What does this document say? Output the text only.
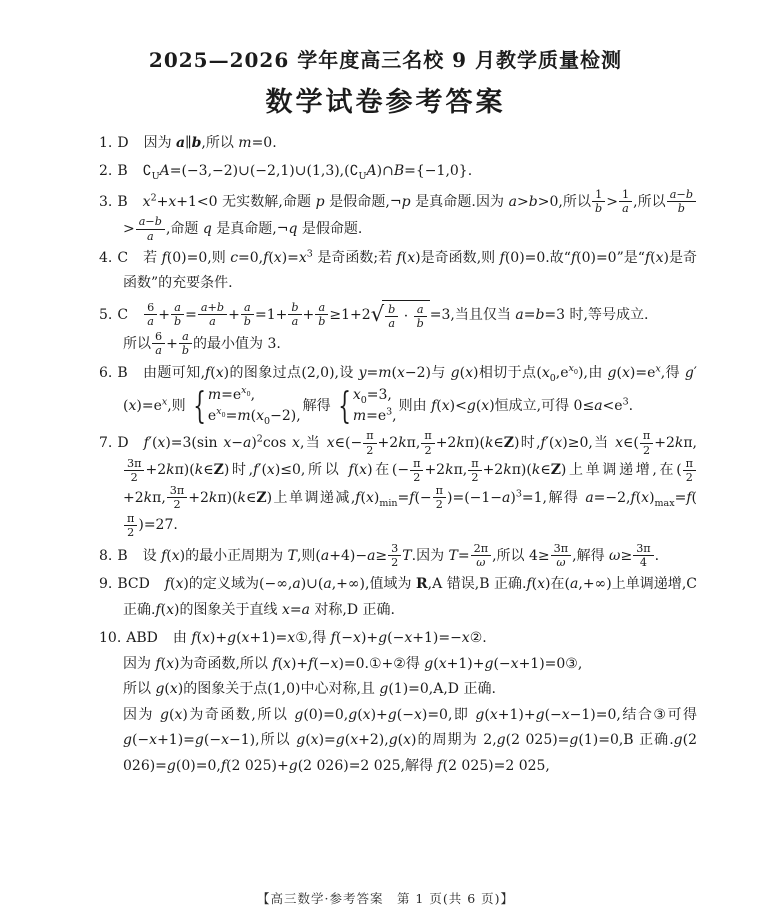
2025—2026 学年度高三名校 9 月教学质量检测
数学试卷参考答案
1. D 因为 a∥b,所以 m=0.
2. B $∁_UA=(-3,-2)\cup(-2,1)\cup(1,3),(∁_UA)\cap B=\{-1,0\}$.
3. B $x^2+x+1<0$ 无实数解,命题 p 是假命题,¬p 是真命题.因为 a>b>0,所以 $\frac{1}{b} > \frac{1}{a}$ ,所以 $\frac{a-b}{b}$
> $\frac{a-b}{a}$ ,命题 q 是真命题,¬q 是假命题.
4. C 若 f(0)=0,则 $c=0,f(x)=x^3$ 是奇函数;若 f(x)是奇函数,则 f(0)=0.故“f(0)=0”是“f(x)是奇函数”的充要条件.
5. C $\frac{6}{a} + \frac{a}{b} = \frac{a+b}{a} + \frac{a}{b} =1+ \frac{b}{a} + \frac{a}{b} \ge 1+2√ \frac{b}{a} \cdot \frac{a}{b} =3$,当且仅当 a=b=3 时,等号成立.
所以 $\frac{6}{a} + \frac{a}{b}$ 的最小值为 3.
6. B 由题可知,f(x)的图象过点(2,0),设 y=m(x−2)与 g(x)相切于点$(x_0,e^{x_0})$,由 $g(x)=e^x$,得 $g'(x)=e^x$,则 { $m=e^{x_0}$,
$e^{x_0}=m(x_0-2)$,
解得 { $x_0=3$,
$m=e^3$,
则由 f(x)<g(x)恒成立,可得 $0\le a<e^3$.
7. D f′(x)=3(sin x−a)$^2$cos x,当 x∈(− $\frac{\pi}{2} +2k\pi$, $\frac{\pi}{2}$ +2kπ)(k∈Z)时,f′(x)≥0,当 x∈( $\frac{\pi}{2} +2k\pi$,
$\frac{3\pi}{2}$ +2kπ)(k∈Z)时,f′(x)≤0,所以 f(x)在(− $\frac{\pi}{2} +2k\pi$, $\frac{\pi}{2}$ +2kπ)(k∈Z)上单调递增,在( $\frac{\pi}{2}$
+2kπ, $\frac{3\pi}{2}$ +2kπ)(k∈Z)上单调递减$,f(x)_{min}=f(- \frac{\pi}{2} )=(-1-a)^3=1$,解得 $a=-2,f(x)_{max}=f$(
$\frac{\pi}{2} )=27$.
8. B 设 f(x)的最小正周期为 T,则$(a+4)-a\ge \frac{3}{2} T$.因为 $T= \frac{2\pi}{\omega}$ ,所以 $4\ge \frac{3\pi}{\omega}$ ,解得 $\omega\ge \frac{3\pi}{4}$ .
9. BCD f(x)的定义域为(−∞,a)∪(a,+∞),值域为 R,A 错误,B 正确.f(x)在(a,+∞)上单调递增,C 正确.f(x)的图象关于直线 x=a 对称,D 正确.
10. ABD 由 f(x)+g(x+1)=x①,得 f(−x)+g(−x+1)=−x②.
因为 f(x)为奇函数,所以 f(x)+f(−x)=0.①+②得 g(x+1)+g(−x+1)=0③,
所以 g(x)的图象关于点(1,0)中心对称,且 g(1)=0,A,D 正确.
因为 g(x)为奇函数,所以 g(0)=0,g(x)+g(−x)=0,即 g(x+1)+g(−x−1)=0,结合③可得 g(−x+1)=g(−x−1),所以 g(x)=g(x+2),g(x)的周期为 2,g(2 025)=g(1)=0,B 正确.g(2 026)=g(0)=0,f(2 025)+g(2 026)=2 025,解得 f(2 025)=2 025,
【高三数学·参考答案　第 1 页(共 6 页)】
